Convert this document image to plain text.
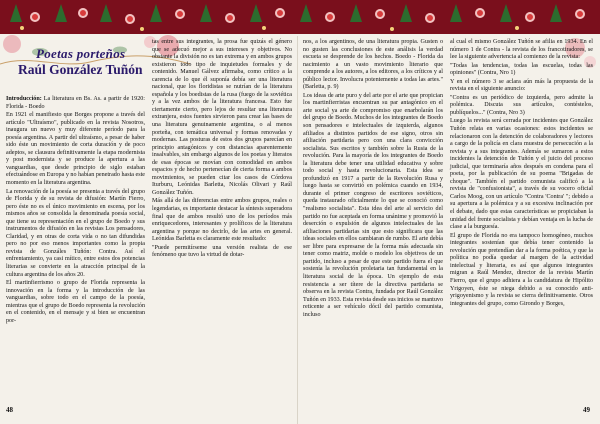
Poetas porteños
Raúl González Tuñón

Introducción: La literatura en Bs. As. a partir de 1920: Florida - Boedo

En 1921 el manifiesto que Borges propone a través del artículo "Ultraísmo", publicado en la revista Nosotros, inaugura un nuevo y muy diferente período para la poesía argentina. A partir del ultraísmo, a pesar de haber sido éste un movimiento de corta duración y de poco adeptos, se clausura definitivamente la etapa modernista y post modernista y se produce la apertura a las vanguardias, que desde principio de siglo estaban efectuándose en Europa y no habían penetrado hasta este momento en la literatura argentina.

La renovación de la poesía se presenta a través del grupo de Florida y de su revista de difusión: Martín Fierro, pero éste no es el único movimiento en escena, por los mismos años se consolida la denominada poesía social, que tiene su representación en el grupo de Boedo y sus instrumentos de difusión en las revistas Los pensadores, Claridad, y en otras de corta vida o no tan difundidas pero no por eso menos importantes como la propia revista de Gonzáles Tuñón: Contra. Así el enfrentamiento, ya casi mítico, entre estos dos potencias literarias se convierte en la atracción principal de la cultura argentina de los años 20.

El martinfierrismo o grupo de Florida representa la innovación en la forma y la introducción de las vanguardias, sobre todo en el campo de la poesía, mientras que el grupo de Boedo representa la revolución en el contenido, en el mensaje y si bien se encuentran por-

tas entre sus integrantes, la prosa fue quizás el género que se adecuó mejor a sus intereses y objetivos. No obstante la división no es tan extrema y en ambos grupos existieron todo tipo de inquietudes formales y de contenido. Manuel Gálvez afirmaba, como crítico a la carencia de lo que él suponía debía ser una literatura nacional, que los floridistas se nutrían de la literatura española y los boedistas de la rusa (fuego de la soviética y a la vez ambos de la literatura francesa. Esto fue ciertamente cierto, pero lejos de resultar una literatura extranjera, estos fuentes sirvieron para crear las bases de una literatura genuinamente argentina, o al menos porteña, con temática universal y formas renovadas y modernas. Las posturas de estos dos grupos parecían en principio antagónicos y con distancias aparentemente insalvables, sin embargo algunos de los poetas y literatos de esas épocas se movían con comodidad en ambos espacios y de hecho pertenecían de cierta forma a ambos movimientos, se pueden citar los casos de Córdova Iturburu, Leónidas Barletta, Nicolás Olivari y Raúl González Tuñón.

Más allá de las diferencias entre ambos grupos, reales o legendarias, es importante destacar la síntesis superadora final que de ambos resultó uno de los períodos más enriquecedores, interesantes y prolíficos de la literatura argentina y porque no decirlo, de las artes en general. Leónidas Barletta es claramente este resultado:

"Puede permitírseme una versión realista de ese fenómeno que tuvo la virtud de dotar-

nos, a los argentinos, de una literatura propia. Gusten o no gusten las conclusiones de este análisis la verdad escueta se desprende de los hechos. Boedo - Florida da nacimiento a un vasto movimiento literario que comprende a los autores, a los editores, a los críticos y al público lector. Involucra potentemente a todas las artes." (Barletta, p. 9)

Los ideas de arte puro y del arte por el arte que propician los martinfierristas encuentran su par antagónico en el arte social ya arte de compromiso que enarbolarán los del grupo de Boedo. Muchos de los integrantes de Boedo son pensadores e intelectuales de izquierda, algunos afiliados a distintos partidos de ese signo, otros sin afiliación partidaria pero con una clara convicción socialista. Sus escritos y también sobre la Rusia de la revolución. Para la mayoría de los integrantes de Boedo la literatura debe tener una utilidad educativa y sobre todo social y hasta revolucionaria. Esta idea se profundizó en 1917 a partir de la Revolución Rusa y luego hasta se convirtió en polémica cuando en 1934, durante el primer congreso de escritores soviéticos, queda instaurado oficialmente lo que se conoció como "realismo socialista". Esta idea del arte al servicio del partido no fue aceptada en forma unánime y promovió la deserción o expulsión de algunos intelectuales de las afiliaciones partidarias sin que esto significara que las ideas sociales en ellos cambiaran de rumbo. El arte debía ser libre para expresarse de la forma más adecuada sin tener como matriz, molde o modelo los objetivos de un partido, incluso a pesar de que este partido fuera el que sostenía la revolución proletaria tan fundamental en la literatura social de la época. Un ejemplo de esta resistencia a ser títere de la directiva partidaria se observa en la revista Contra, fundada por Raúl González Tuñón en 1933. Esta revista desde sus inicios se mantuvo reticente a ser vehículo dócil del partido comunista, incluso

al cual el mismo González Tuñón se afilia en 1934. En el número 1 de Contra - la revista de los francotiradores, se lee la siguiente advertencia al comienzo de la revista:

"Todas las tendencias, todas las escuelas, todas las opiniones" (Contra, Nro 1)

Y en el número 3 se aclara aún más la propuesta de la revista en el siguiente anuncio:

"Contra es un periódico de izquierda, pero admite la polémica. Discuta sus artículos, contéstelos, publíquelos..." (Contra, Nro 3)

Luego la revista será cerrada por incidentes que González Tuñón relata en varias ocasiones: estos incidentes se relacionaron con la detención de colaboradores y lectores a cargo de la policía en clara muestra de persecución a la revista y a sus integrantes. Además se sumaron a estos incidentes la detención de Tuñón y el juicio del proceso judicial, que terminaría años después en condena para el poeta, por la publicación de su poema "Brigadas de choque". También el partido comunista calificó a la revista de "confusionista", a través de su vocero oficial Carlos Moog, con un artículo "Contra 'Contra' "; debido a su apertura a la polémica y a su excesiva inclinación por el debate, dado que estas características se propiciaban la unidad del frente socialista y debían ventaja en la lucha de clase a la burguesía.

El grupo de Florida no era tampoco homogéneo, muchos integrantes sostenían que debía tener contenido la revolución que pretendían dar a la forma poética, y que la política no podía quedar al margen de la actividad intelectual y literaria, es así que algunos integrantes migran a Raúl Mendez, director de la revista Martín Fierro, que el grupo adhiera a la candidatura de Hipólito Yrigoyen, éste se niega debido a su conocido anti-yrigoyenismo y la revista se cierra definitivamente. Otros integrantes del grupo, como Girondo y Borges,

48	49
